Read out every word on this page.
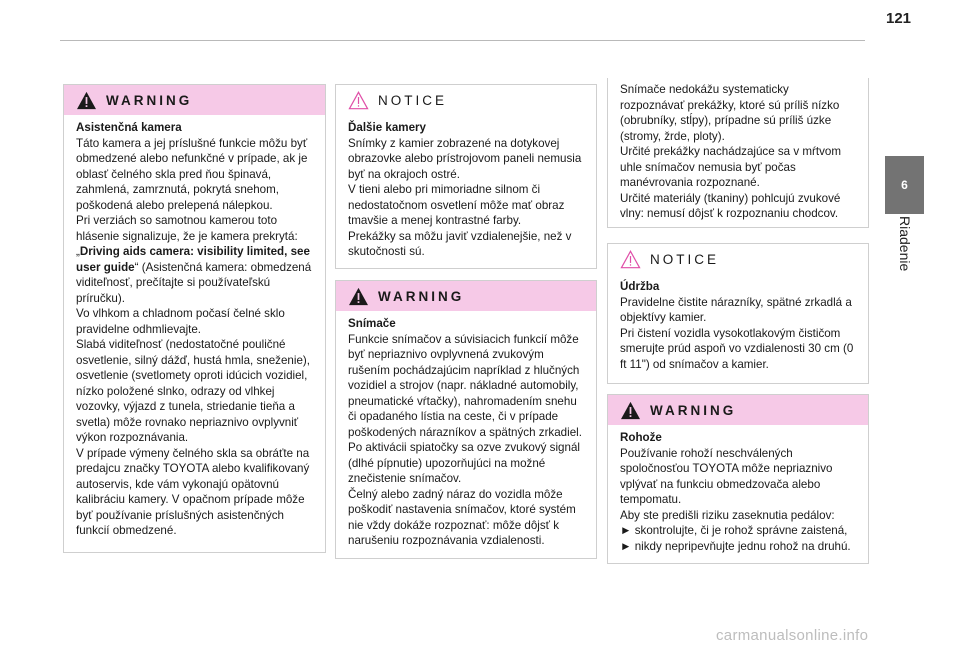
121
6
Riadenie
WARNING
Asistenčná kamera
Táto kamera a jej príslušné funkcie môžu byť obmedzené alebo nefunkčné v prípade, ak je oblasť čelného skla pred ňou špinavá, zahmlená, zamrznutá, pokrytá snehom, poškodená alebo prelepená nálepkou.
Pri verziách so samotnou kamerou toto hlásenie signalizuje, že je kamera prekrytá: „Driving aids camera: visibility limited, see user guide“ (Asistenčná kamera: obmedzená viditeľnosť, prečítajte si používateľskú príručku).
Vo vlhkom a chladnom počasí čelné sklo pravidelne odhmlievajte.
Slabá viditeľnosť (nedostatočné pouličné osvetlenie, silný dážď, hustá hmla, sneženie), osvetlenie (svetlomety oproti idúcich vozidiel, nízko položené slnko, odrazy od vlhkej vozovky, výjazd z tunela, striedanie tieňa a svetla) môže rovnako nepriaznivo ovplyvniť výkon rozpoznávania.
V prípade výmeny čelného skla sa obráťte na predajcu značky TOYOTA alebo kvalifikovaný autoservis, kde vám vykonajú opätovnú kalibráciu kamery. V opačnom prípade môže byť používanie príslušných asistenčných funkcií obmedzené.
NOTICE
Ďalšie kamery
Snímky z kamier zobrazené na dotykovej obrazovke alebo prístrojovom paneli nemusia byť na okrajoch ostré.
V tieni alebo pri mimoriadne silnom či nedostatočnom osvetlení môže mať obraz tmavšie a menej kontrastné farby.
Prekážky sa môžu javiť vzdialenejšie, než v skutočnosti sú.
WARNING
Snímače
Funkcie snímačov a súvisiacich funkcií môže byť nepriaznivo ovplyvnená zvukovým rušením pochádzajúcim napríklad z hlučných vozidiel a strojov (napr. nákladné automobily, pneumatické vŕtačky), nahromadením snehu či opadaného lístia na ceste, či v prípade poškodených nárazníkov a spätných zrkadiel.
Po aktivácii spiatočky sa ozve zvukový signál (dlhé pípnutie) upozorňujúci na možné znečistenie snímačov.
Čelný alebo zadný náraz do vozidla môže poškodiť nastavenia snímačov, ktoré systém nie vždy dokáže rozpoznať: môže dôjsť k narušeniu rozpoznávania vzdialenosti.
Snímače nedokážu systematicky rozpoznávať prekážky, ktoré sú príliš nízko (obrubníky, stĺpy), prípadne sú príliš úzke (stromy, žrde, ploty).
Určité prekážky nachádzajúce sa v mŕtvom uhle snímačov nemusia byť počas manévrovania rozpoznané.
Určité materiály (tkaniny) pohlcujú zvukové vlny: nemusí dôjsť k rozpoznaniu chodcov.
NOTICE
Údržba
Pravidelne čistite nárazníky, spätné zrkadlá a objektívy kamier.
Pri čistení vozidla vysokotlakovým čističom smerujte prúd aspoň vo vzdialenosti 30 cm (0 ft 11") od snímačov a kamier.
WARNING
Rohože
Používanie rohoží neschválených spoločnosťou TOYOTA môže nepriaznivo vplývať na funkciu obmedzovača alebo tempomatu.
Aby ste predišli riziku zaseknutia pedálov:

► skontrolujte, či je rohož správne zaistená,
► nikdy nepripevňujte jednu rohož na druhú.
carmanualsonline.info
